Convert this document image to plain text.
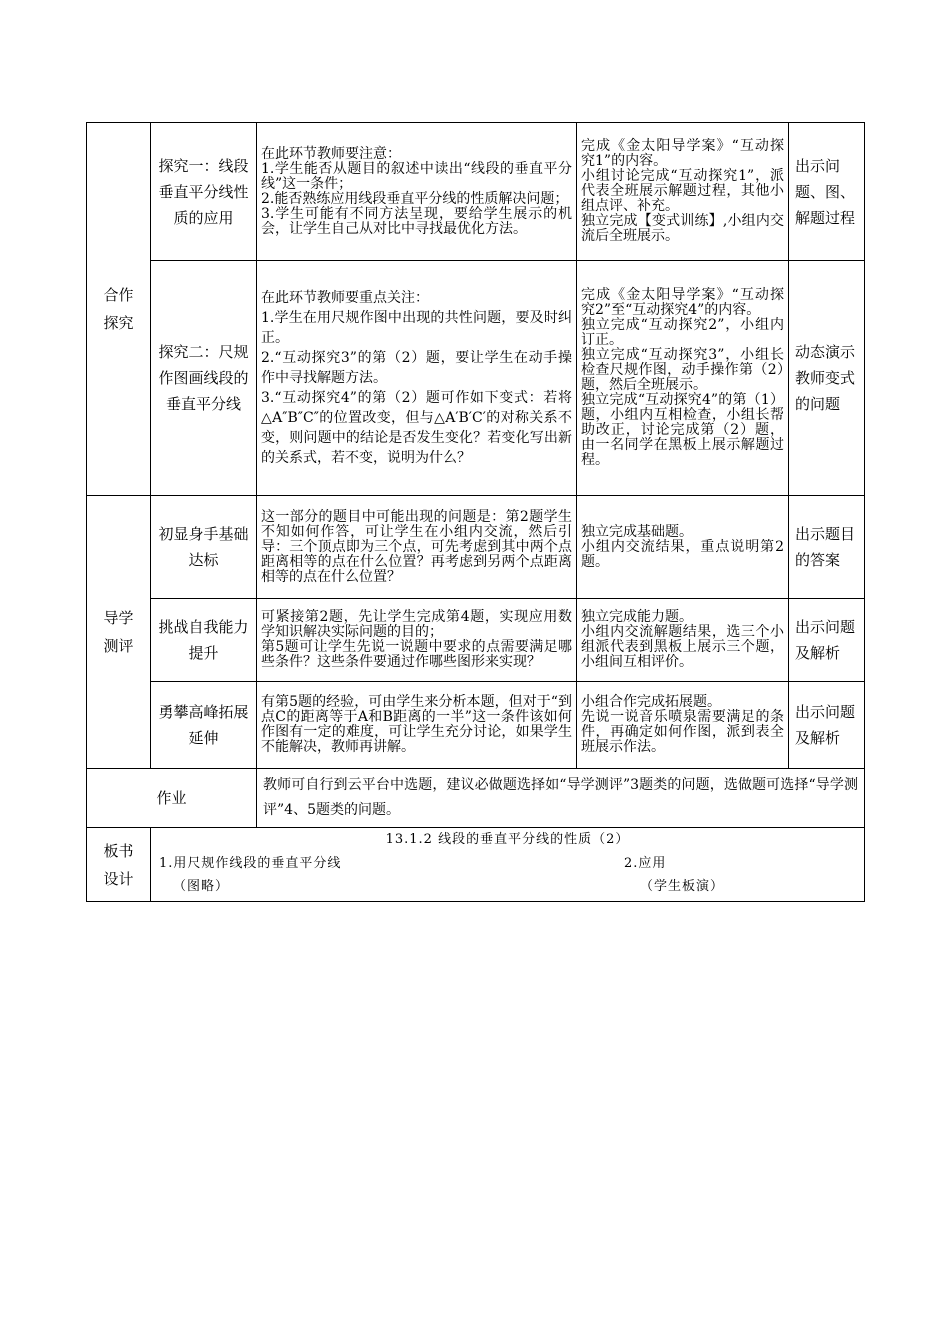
合作探究	探究一：线段垂直平分线性质的应用	在此环节教师要注意：
1.学生能否从题目的叙述中读出“线段的垂直平分线”这一条件；
2.能否熟练应用线段垂直平分线的性质解决问题；
3.学生可能有不同方法呈现，要给学生展示的机会，让学生自己从对比中寻找最优化方法。	完成《金太阳导学案》“互动探究1”的内容。
小组讨论完成“互动探究1”，派代表全班展示解题过程，其他小组点评、补充。
独立完成【变式训练】,小组内交流后全班展示。	出示问题、图、解题过程
	探究二：尺规作图画线段的垂直平分线	在此环节教师要重点关注：
1.学生在用尺规作图中出现的共性问题，要及时纠正。
2.“互动探究3”的第（2）题，要让学生在动手操作中寻找解题方法。
3.“互动探究4”的第（2）题可作如下变式：若将△A″B″C″的位置改变，但与△A′B′C′的对称关系不变，则问题中的结论是否发生变化？若变化写出新的关系式，若不变，说明为什么？	完成《金太阳导学案》“互动探究2”至“互动探究4”的内容。
独立完成“互动探究2”，小组内订正。
独立完成“互动探究3”，小组长检查尺规作图，动手操作第（2）题，然后全班展示。
独立完成“互动探究4”的第（1）题，小组内互相检查，小组长帮助改正，讨论完成第（2）题，由一名同学在黑板上展示解题过程。	动态演示教师变式的问题
导学测评	初显身手基础达标	这一部分的题目中可能出现的问题是：第2题学生不知如何作答，可让学生在小组内交流，然后引导：三个顶点即为三个点，可先考虑到其中两个点距离相等的点在什么位置？再考虑到另两个点距离相等的点在什么位置？	独立完成基础题。
小组内交流结果，重点说明第2题。	出示题目的答案
	挑战自我能力提升	可紧接第2题，先让学生完成第4题，实现应用数学知识解决实际问题的目的；
第5题可让学生先说一说题中要求的点需要满足哪些条件？这些条件要通过作哪些图形来实现？	独立完成能力题。
小组内交流解题结果，选三个小组派代表到黑板上展示三个题，小组间互相评价。	出示问题及解析
	勇攀高峰拓展延伸	有第5题的经验，可由学生来分析本题，但对于“到点C的距离等于A和B距离的一半”这一条件该如何作图有一定的难度，可让学生充分讨论，如果学生不能解决，教师再讲解。	小组合作完成拓展题。
先说一说音乐喷泉需要满足的条件，再确定如何作图，派到表全班展示作法。	出示问题及解析
作业		教师可自行到云平台中选题，建议必做题选择如“导学测评”3题类的问题，选做题可选择“导学测评”4、5题类的问题。		
板书设计	13.1.2 线段的垂直平分线的性质（2）
1.用尺规作线段的垂直平分线 2.应用
（图略） （学生板演）			
